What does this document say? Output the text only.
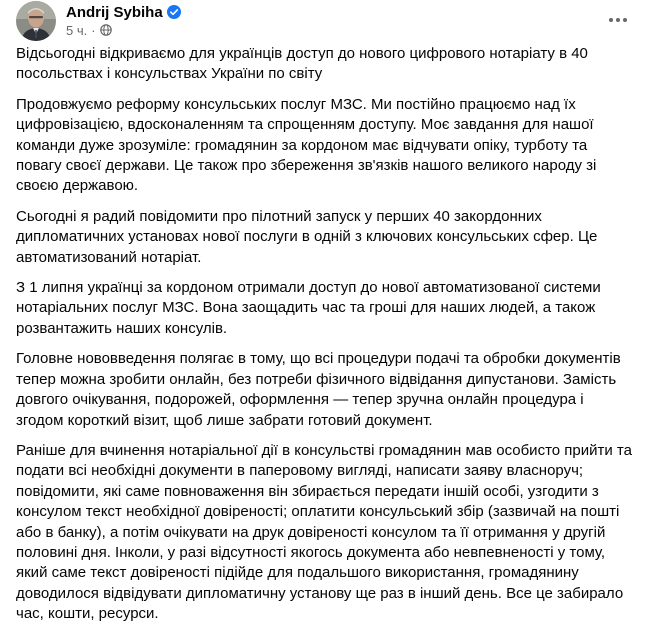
Andrij Sybiha
5 ч. ·

Відсьогодні відкриваємо для українців доступ до нового цифрового нотаріату в 40 посольствах і консульствах України по світу

Продовжуємо реформу консульських послуг МЗС. Ми постійно працюємо над їх цифровізацією, вдосконаленням та спрощенням доступу. Моє завдання для нашої команди дуже зрозуміле: громадянин за кордоном має відчувати опіку, турботу та повагу своєї держави. Це також про збереження зв'язків нашого великого народу зі своєю державою.

Сьогодні я радий повідомити про пілотний запуск у перших 40 закордонних дипломатичних установах нової послуги в одній з ключових консульських сфер. Це автоматизований нотаріат.

З 1 липня українці за кордоном отримали доступ до нової автоматизованої системи нотаріальних послуг МЗС. Вона заощадить час та гроші для наших людей, а також розвантажить наших консулів.

Головне нововведення полягає в тому, що всі процедури подачі та обробки документів тепер можна зробити онлайн, без потреби фізичного відвідання дипустанови. Замість довгого очікування, подорожей, оформлення — тепер зручна онлайн процедура і згодом короткий візит, щоб лише забрати готовий документ.

Раніше для вчинення нотаріальної дії в консульстві громадянин мав особисто прийти та подати всі необхідні документи в паперовому вигляді, написати заяву власноруч; повідомити, які саме повноваження він збирається передати іншій особі, узгодити з консулом текст необхідної довіреності; оплатити консульський збір (зазвичай на пошті або в банку), а потім очікувати на друк довіреності консулом та її отримання у другій половині дня. Інколи, у разі відсутності якогось документа або невпевненості у тому, який саме текст довіреності підійде для подальшого використання, громадянину доводилося відвідувати дипломатичну установу ще раз в інший день. Все це забирало час, кошти, ресурси.
